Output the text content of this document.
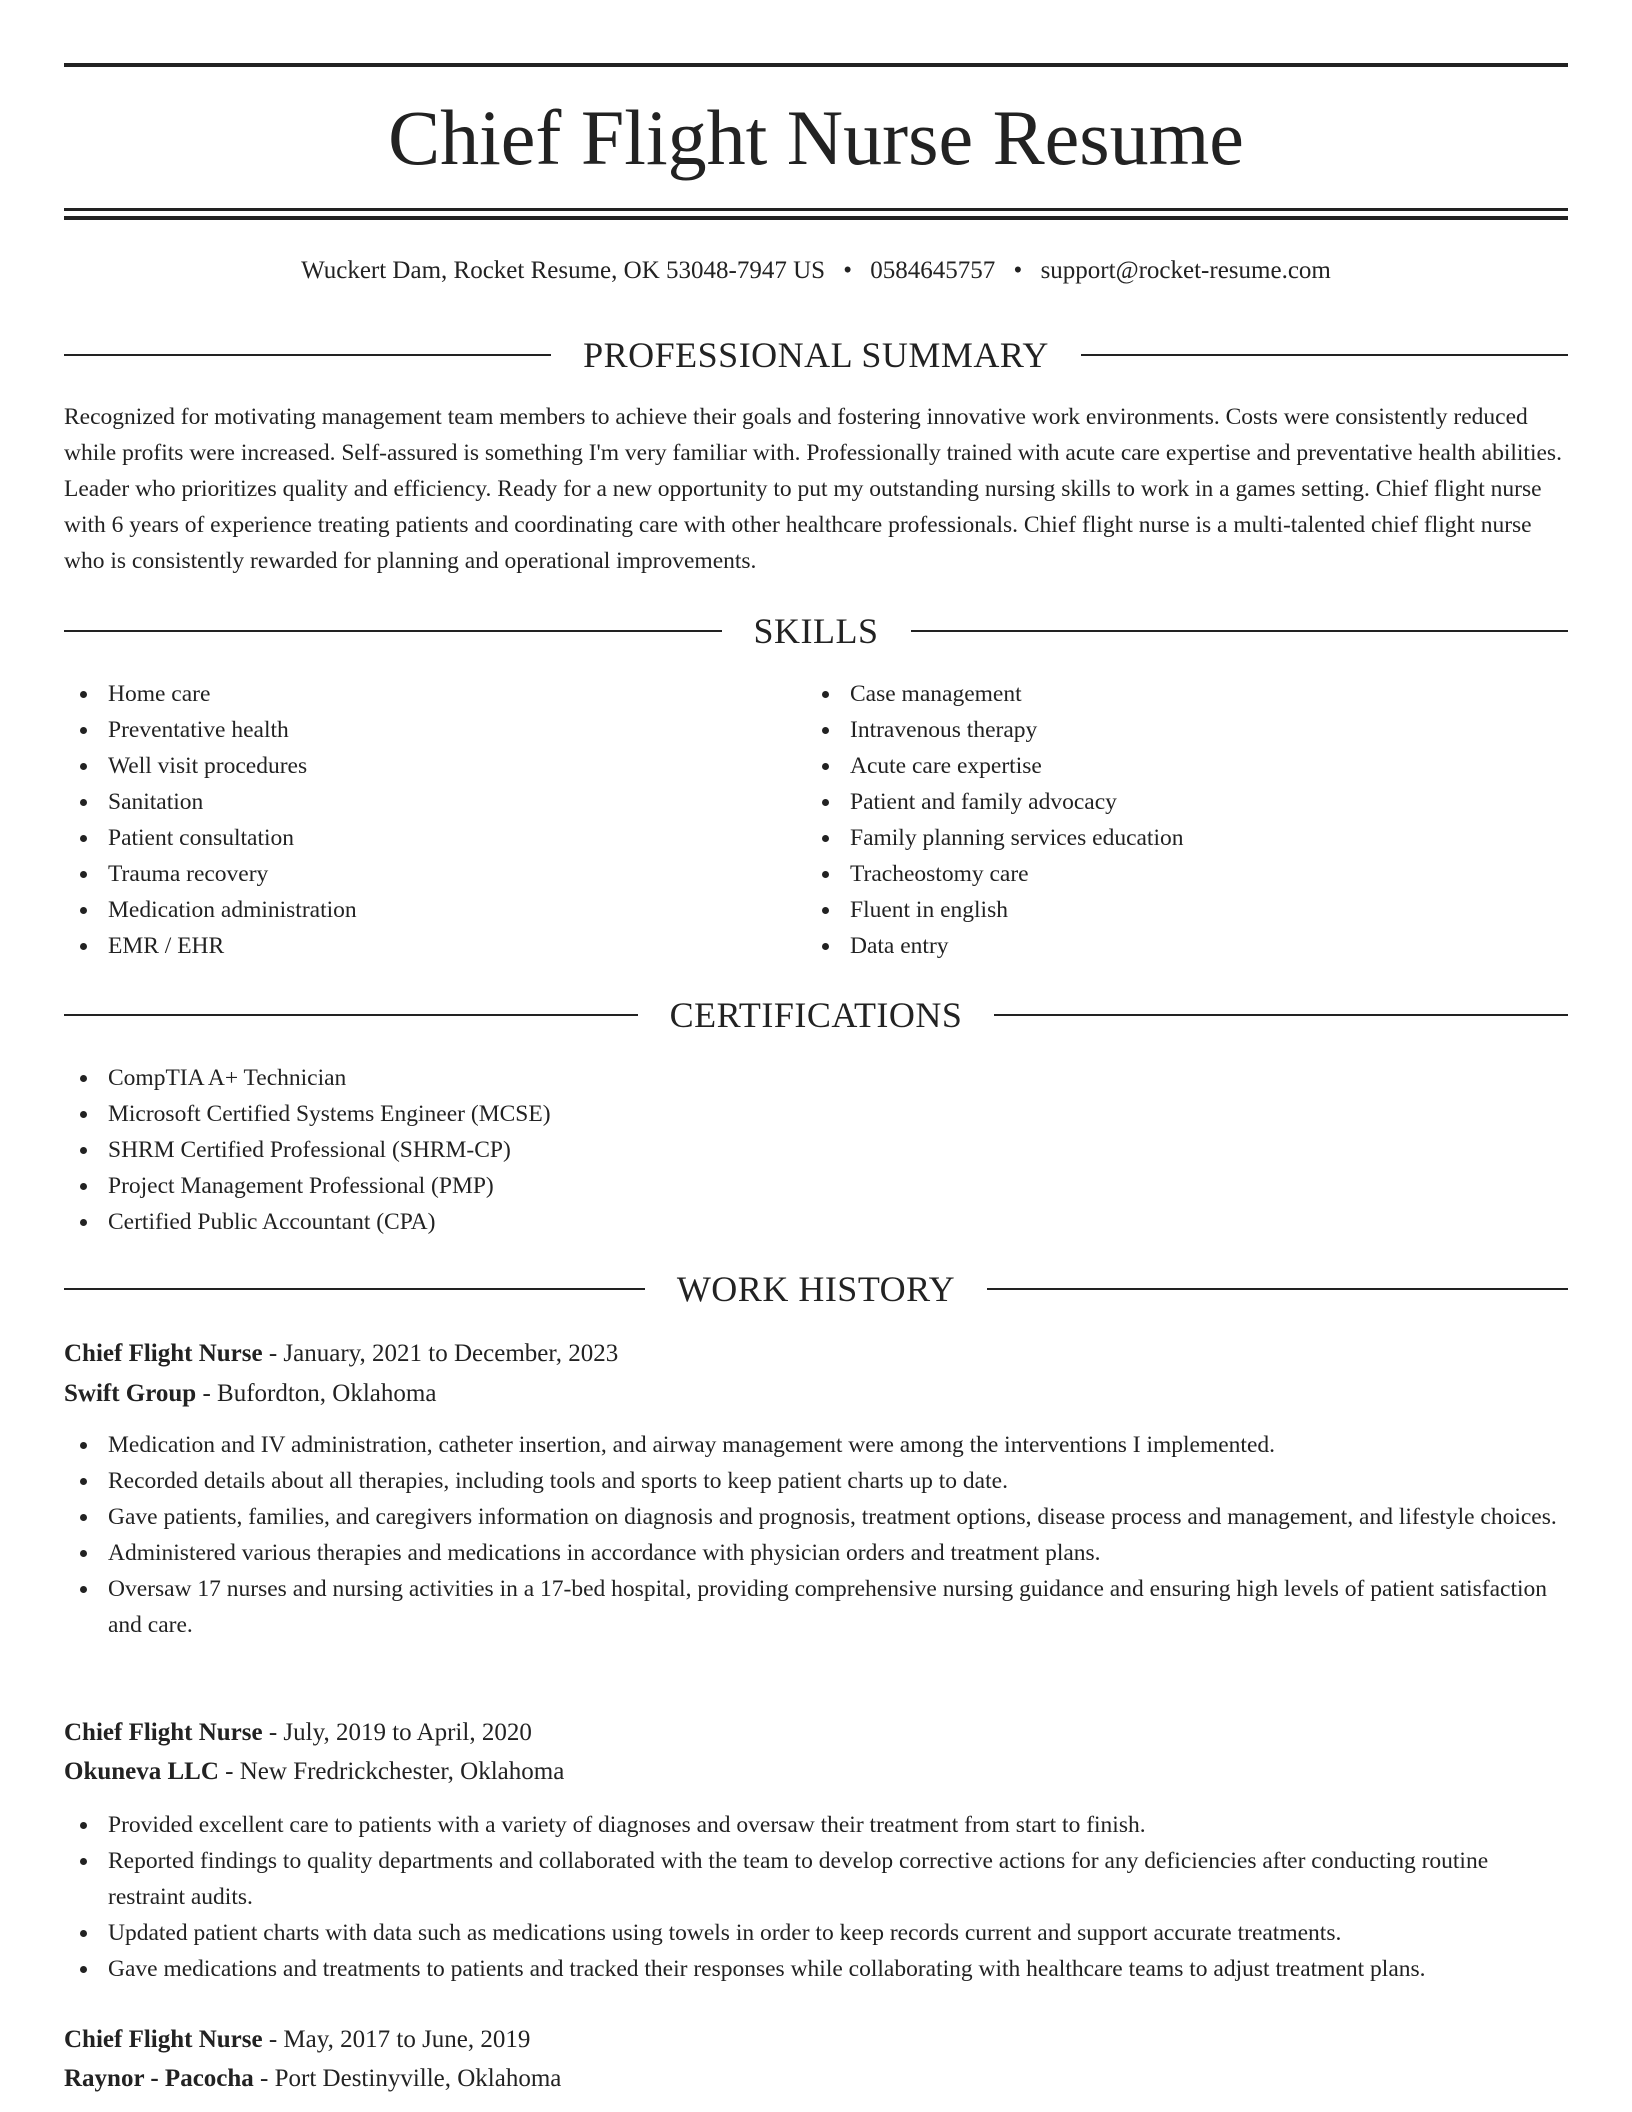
Chief Flight Nurse Resume
Wuckert Dam, Rocket Resume, OK 53048-7947 US • 0584645757 • support@rocket-resume.com
PROFESSIONAL SUMMARY
Recognized for motivating management team members to achieve their goals and fostering innovative work environments. Costs were consistently reduced while profits were increased. Self-assured is something I'm very familiar with. Professionally trained with acute care expertise and preventative health abilities. Leader who prioritizes quality and efficiency. Ready for a new opportunity to put my outstanding nursing skills to work in a games setting. Chief flight nurse with 6 years of experience treating patients and coordinating care with other healthcare professionals. Chief flight nurse is a multi-talented chief flight nurse who is consistently rewarded for planning and operational improvements.
SKILLS
Home care
Preventative health
Well visit procedures
Sanitation
Patient consultation
Trauma recovery
Medication administration
EMR / EHR
Case management
Intravenous therapy
Acute care expertise
Patient and family advocacy
Family planning services education
Tracheostomy care
Fluent in english
Data entry
CERTIFICATIONS
CompTIA A+ Technician
Microsoft Certified Systems Engineer (MCSE)
SHRM Certified Professional (SHRM-CP)
Project Management Professional (PMP)
Certified Public Accountant (CPA)
WORK HISTORY
Chief Flight Nurse - January, 2021 to December, 2023
Swift Group - Bufordton, Oklahoma
Medication and IV administration, catheter insertion, and airway management were among the interventions I implemented.
Recorded details about all therapies, including tools and sports to keep patient charts up to date.
Gave patients, families, and caregivers information on diagnosis and prognosis, treatment options, disease process and management, and lifestyle choices.
Administered various therapies and medications in accordance with physician orders and treatment plans.
Oversaw 17 nurses and nursing activities in a 17-bed hospital, providing comprehensive nursing guidance and ensuring high levels of patient satisfaction and care.
Chief Flight Nurse - July, 2019 to April, 2020
Okuneva LLC - New Fredrickchester, Oklahoma
Provided excellent care to patients with a variety of diagnoses and oversaw their treatment from start to finish.
Reported findings to quality departments and collaborated with the team to develop corrective actions for any deficiencies after conducting routine restraint audits.
Updated patient charts with data such as medications using towels in order to keep records current and support accurate treatments.
Gave medications and treatments to patients and tracked their responses while collaborating with healthcare teams to adjust treatment plans.
Chief Flight Nurse - May, 2017 to June, 2019
Raynor - Pacocha - Port Destinyville, Oklahoma
